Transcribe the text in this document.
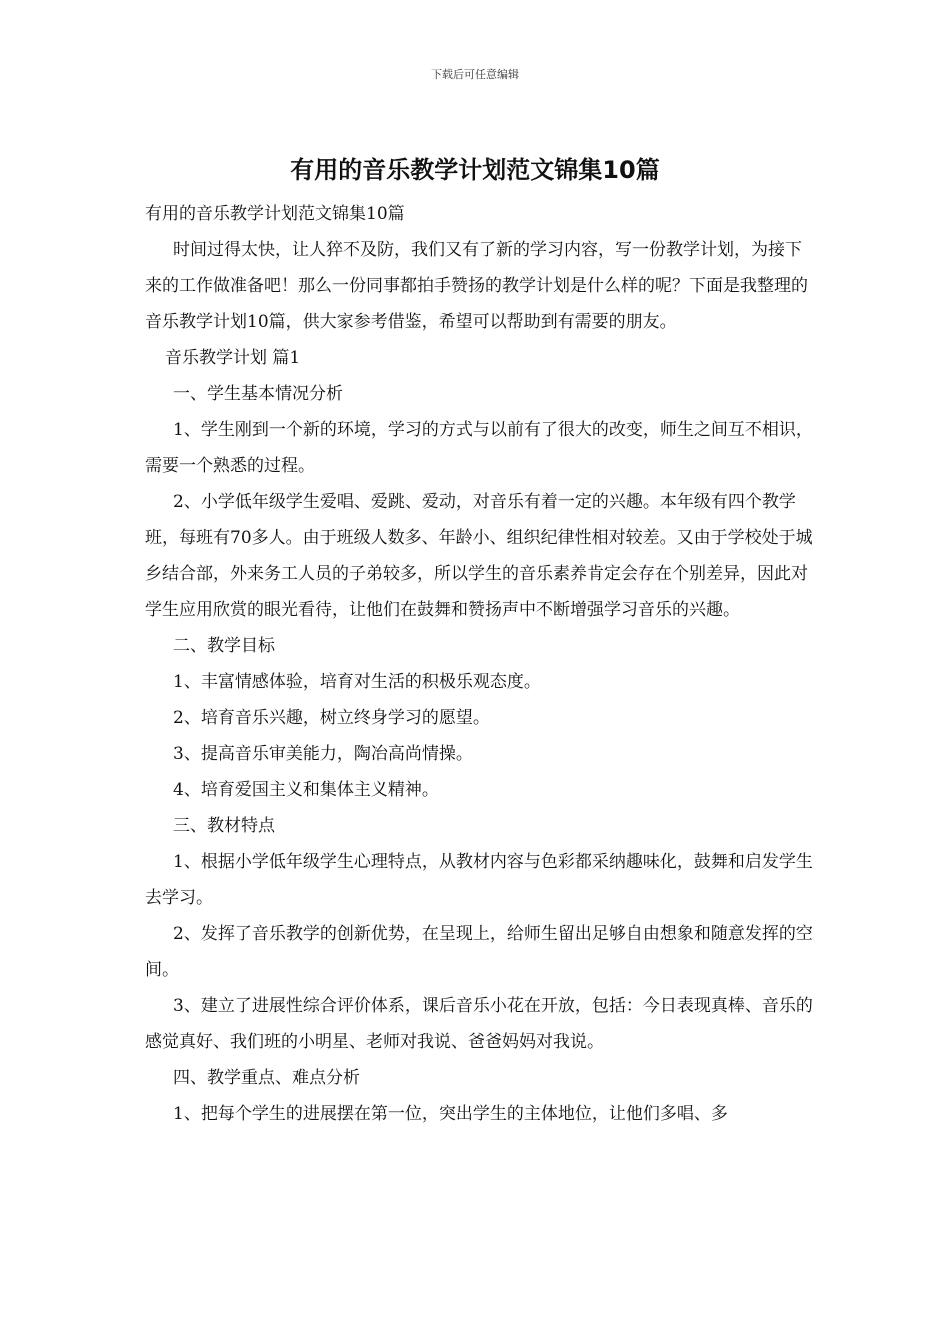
下载后可任意编辑
有用的音乐教学计划范文锦集10篇

有用的音乐教学计划范文锦集10篇

时间过得太快，让人猝不及防，我们又有了新的学习内容，写一份教学计划，为接下来的工作做准备吧！那么一份同事都拍手赞扬的教学计划是什么样的呢？下面是我整理的音乐教学计划10篇，供大家参考借鉴，希望可以帮助到有需要的朋友。

音乐教学计划 篇1

一、学生基本情况分析

1、学生刚到一个新的环境，学习的方式与以前有了很大的改变，师生之间互不相识，需要一个熟悉的过程。

2、小学低年级学生爱唱、爱跳、爱动，对音乐有着一定的兴趣。本年级有四个教学班，每班有70多人。由于班级人数多、年龄小、组织纪律性相对较差。又由于学校处于城乡结合部，外来务工人员的子弟较多，所以学生的音乐素养肯定会存在个别差异，因此对学生应用欣赏的眼光看待，让他们在鼓舞和赞扬声中不断增强学习音乐的兴趣。

二、教学目标

1、丰富情感体验，培育对生活的积极乐观态度。

2、培育音乐兴趣，树立终身学习的愿望。

3、提高音乐审美能力，陶冶高尚情操。

4、培育爱国主义和集体主义精神。

三、教材特点

1、根据小学低年级学生心理特点，从教材内容与色彩都采纳趣味化，鼓舞和启发学生去学习。

2、发挥了音乐教学的创新优势，在呈现上，给师生留出足够自由想象和随意发挥的空间。

3、建立了进展性综合评价体系，课后音乐小花在开放，包括：今日表现真棒、音乐的感觉真好、我们班的小明星、老师对我说、爸爸妈妈对我说。

四、教学重点、难点分析

1、把每个学生的进展摆在第一位，突出学生的主体地位，让他们多唱、多
